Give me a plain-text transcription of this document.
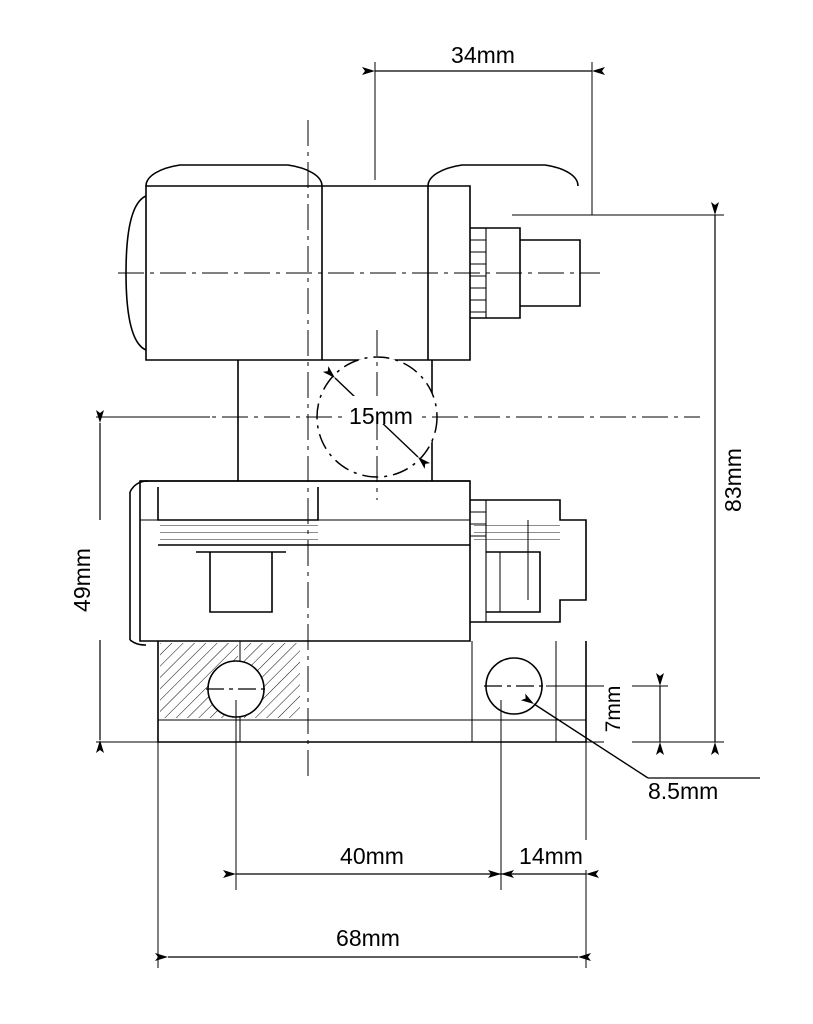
34mm
15mm
83mm
49mm
7mm
8.5mm
40mm	14mm
68mm
